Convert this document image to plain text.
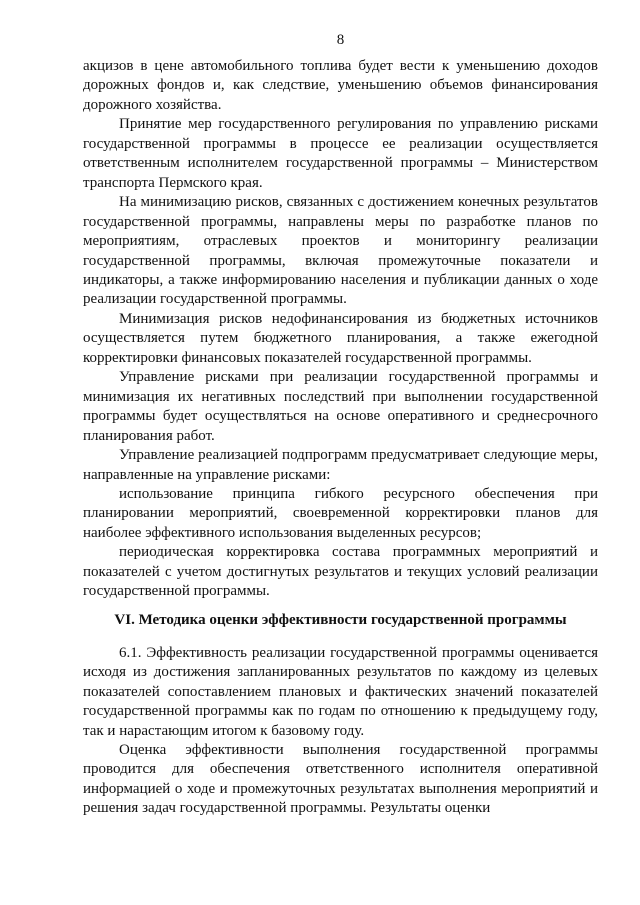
8

акцизов в цене автомобильного топлива будет вести к уменьшению доходов дорожных фондов и, как следствие, уменьшению объемов финансирования дорожного хозяйства.

Принятие мер государственного регулирования по управлению рисками государственной программы в процессе ее реализации осуществляется ответственным исполнителем государственной программы – Министерством транспорта Пермского края.

На минимизацию рисков, связанных с достижением конечных результатов государственной программы, направлены меры по разработке планов по мероприятиям, отраслевых проектов и мониторингу реализации государственной программы, включая промежуточные показатели и индикаторы, а также информированию населения и публикации данных о ходе реализации государственной программы.

Минимизация рисков недофинансирования из бюджетных источников осуществляется путем бюджетного планирования, а также ежегодной корректировки финансовых показателей государственной программы.

Управление рисками при реализации государственной программы и минимизация их негативных последствий при выполнении государственной программы будет осуществляться на основе оперативного и среднесрочного планирования работ.

Управление реализацией подпрограмм предусматривает следующие меры, направленные на управление рисками:

использование принципа гибкого ресурсного обеспечения при планировании мероприятий, своевременной корректировки планов для наиболее эффективного использования выделенных ресурсов;

периодическая корректировка состава программных мероприятий и показателей с учетом достигнутых результатов и текущих условий реализации государственной программы.

VI. Методика оценки эффективности государственной программы

6.1. Эффективность реализации государственной программы оценивается исходя из достижения запланированных результатов по каждому из целевых показателей сопоставлением плановых и фактических значений показателей государственной программы как по годам по отношению к предыдущему году, так и нарастающим итогом к базовому году.

Оценка эффективности выполнения государственной программы проводится для обеспечения ответственного исполнителя оперативной информацией о ходе и промежуточных результатах выполнения мероприятий и решения задач государственной программы. Результаты оценки
